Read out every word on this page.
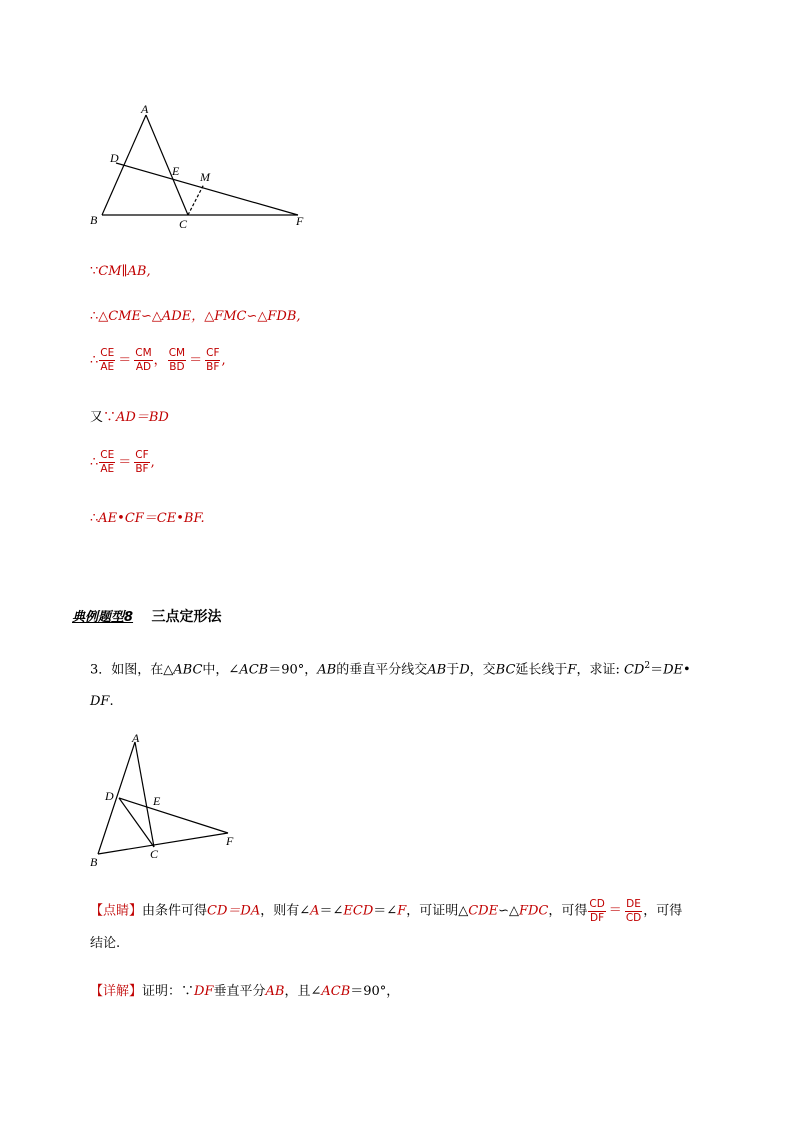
A
D
E M
B	C	F
∵CM∥AB,
∴△CME∽△ADE，△FMC∽△FDB,
∴ $\frac{CE}{AE} = \frac{CM}{AD}$ ， $\frac{CM}{BD} = \frac{CF}{BF}$ ,
又∵AD＝BD
∴ $\frac{CE}{AE} = \frac{CF}{BF}$ ,
∴AE•CF＝CE•BF.
典例题型8 三点定形法
3．如图，在△ABC中，∠ACB＝90°，AB的垂直平分线交AB于D，交BC延长线于F，求证: $CD^2=DE•$
DF.
A
D	E
F
B
C
【点睛】由条件可得CD＝DA，则有∠A＝∠ECD＝∠F，可证明△CDE∽△FDC，可得 $\frac{CD}{DF} = \frac{DE}{CD}$ ，可得
结论.
【详解】证明：∵DF垂直平分AB，且∠ACB＝90°，
